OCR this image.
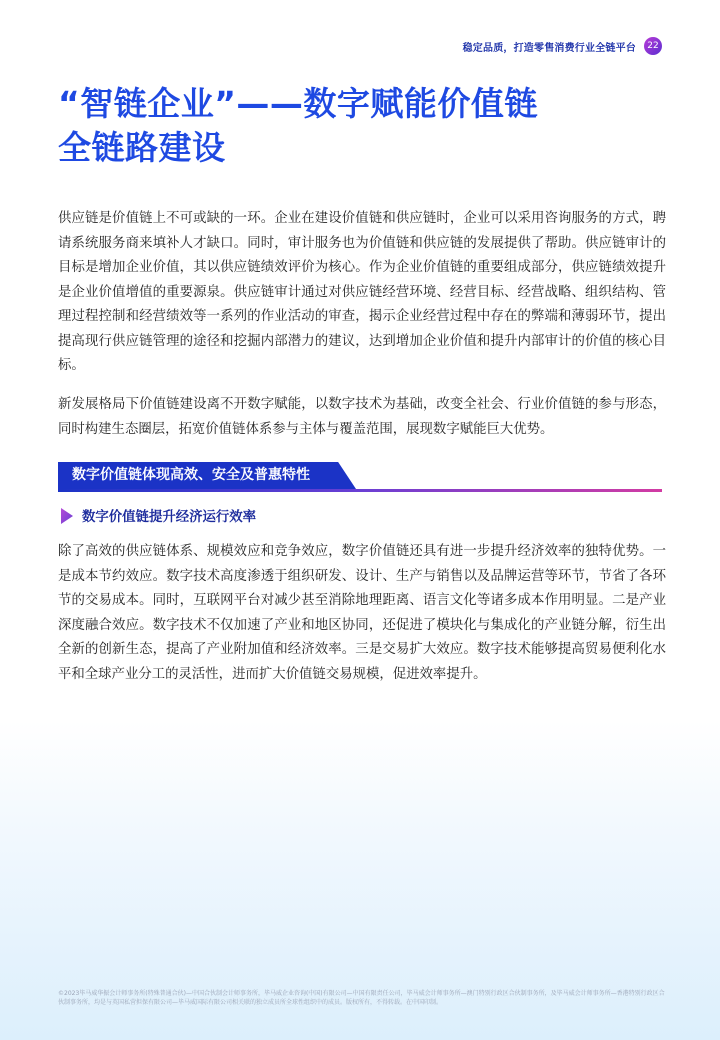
稳定品质，打造零售消费行业全链平台	22
“智链企业”——数字赋能价值链
全链路建设

供应链是价值链上不可或缺的一环。企业在建设价值链和供应链时，企业可以采用咨询服务的方式，聘请系统服务商来填补人才缺口。同时，审计服务也为价值链和供应链的发展提供了帮助。供应链审计的目标是增加企业价值，其以供应链绩效评价为核心。作为企业价值链的重要组成部分，供应链绩效提升是企业价值增值的重要源泉。供应链审计通过对供应链经营环境、经营目标、经营战略、组织结构、管理过程控制和经营绩效等一系列的作业活动的审查，揭示企业经营过程中存在的弊端和薄弱环节，提出提高现行供应链管理的途径和挖掘内部潜力的建议，达到增加企业价值和提升内部审计的价值的核心目标。

新发展格局下价值链建设离不开数字赋能，以数字技术为基础，改变全社会、行业价值链的参与形态，同时构建生态圈层，拓宽价值链体系参与主体与覆盖范围，展现数字赋能巨大优势。

数字价值链体现高效、安全及普惠特性
数字价值链提升经济运行效率

除了高效的供应链体系、规模效应和竞争效应，数字价值链还具有进一步提升经济效率的独特优势。一是成本节约效应。数字技术高度渗透于组织研发、设计、生产与销售以及品牌运营等环节，节省了各环节的交易成本。同时，互联网平台对减少甚至消除地理距离、语言文化等诸多成本作用明显。二是产业深度融合效应。数字技术不仅加速了产业和地区协同，还促进了模块化与集成化的产业链分解，衍生出全新的创新生态，提高了产业附加值和经济效率。三是交易扩大效应。数字技术能够提高贸易便利化水平和全球产业分工的灵活性，进而扩大价值链交易规模，促进效率提升。

©2023毕马威华振会计师事务所(特殊普通合伙)—中国合伙制会计师事务所，毕马威企业咨询(中国)有限公司—中国有限责任公司，毕马威会计师事务所—澳门特别行政区合伙制事务所，及毕马威会计师事务所—香港特别行政区合伙制事务所，均是与英国私营担保有限公司—毕马威国际有限公司相关联的独立成员所全球性组织中的成员。版权所有，不得转载。在中国印制。
